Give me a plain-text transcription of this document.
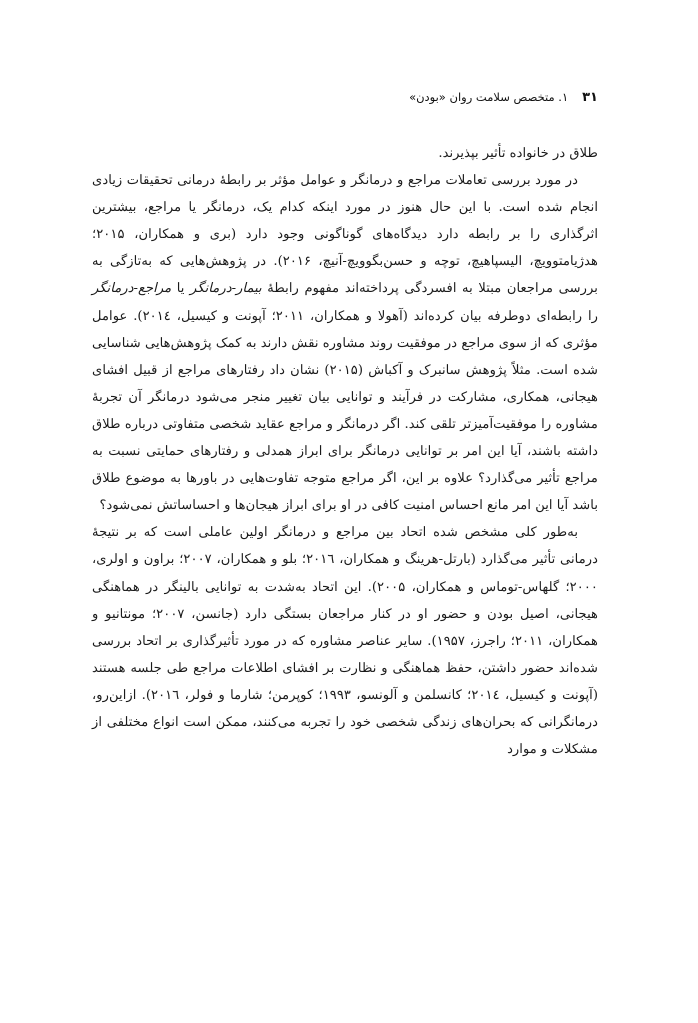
۳۱
۱. متخصص سلامت روان «بودن»

طلاق در خانواده تأثیر بپذیرند.

در مورد بررسی تعاملات مراجع و درمانگر و عوامل مؤثر بر رابطهٔ درمانی تحقیقات زیادی انجام شده است. با این حال هنوز در مورد اینکه کدام یک، درمانگر یا مراجع، بیشترین اثرگذاری را بر رابطه دارد دیدگاه‌های گوناگونی وجود دارد (بری و همکاران، ۲۰۱۵؛ هدژیامتوویچ، الیسپاهیچ، توچه و حسن‌بگوویچ-آنیچ، ۲۰۱۶). در پژوهش‌هایی که به‌تازگی به بررسی مراجعان مبتلا به افسردگی پرداخته‌اند مفهوم رابطهٔ بیمار-درمانگر یا مراجع-درمانگر را رابطه‌ای دوطرفه بیان کرده‌اند (آهولا و همکاران، ۲۰۱۱؛ آپونت و کیسیل، ۲۰۱٤). عوامل مؤثری که از سوی مراجع در موفقیت روند مشاوره نقش دارند به کمک پژوهش‌هایی شناسایی شده است. مثلاً پژوهش سانبرک و آکباش (۲۰۱۵) نشان داد رفتارهای مراجع از قبیل افشای هیجانی، همکاری، مشارکت در فرآیند و توانایی بیان تغییر منجر می‌شود درمانگر آن تجربهٔ مشاوره را موفقیت‌آمیزتر تلقی کند. اگر درمانگر و مراجع عقاید شخصی متفاوتی درباره طلاق داشته باشند، آیا این امر بر توانایی درمانگر برای ابراز همدلی و رفتارهای حمایتی نسبت به مراجع تأثیر می‌گذارد؟ علاوه بر این، اگر مراجع متوجه تفاوت‌هایی در باورها به موضوع طلاق باشد آیا این امر مانع احساس امنیت کافی در او برای ابراز هیجان‌ها و احساساتش نمی‌شود؟

به‌طور کلی مشخص شده اتحاد بین مراجع و درمانگر اولین عاملی است که بر نتیجهٔ درمانی تأثیر می‌گذارد (بارتل-هرینگ و همکاران، ۲۰۱٦؛ بلو و همکاران، ۲۰۰۷؛ براون و اولری، ۲۰۰۰؛ گلهاس-توماس و همکاران، ۲۰۰۵). این اتحاد به‌شدت به توانایی بالینگر در هماهنگی هیجانی، اصیل بودن و حضور او در کنار مراجعان بستگی دارد (جانسن، ۲۰۰۷؛ مونتانیو و همکاران، ۲۰۱۱؛ راجرز، ۱۹۵۷). سایر عناصر مشاوره که در مورد تأثیرگذاری بر اتحاد بررسی شده‌اند حضور داشتن، حفظ هماهنگی و نظارت بر افشای اطلاعات مراجع طی جلسه هستند (آپونت و کیسیل، ۲۰۱٤؛ کانسلمن و آلونسو، ۱۹۹۳؛ کوپرمن؛ شارما و فولر، ۲۰۱٦). ازاین‌رو، درمانگرانی که بحران‌های زندگی شخصی خود را تجربه می‌کنند، ممکن است انواع مختلفی از مشکلات و موارد
